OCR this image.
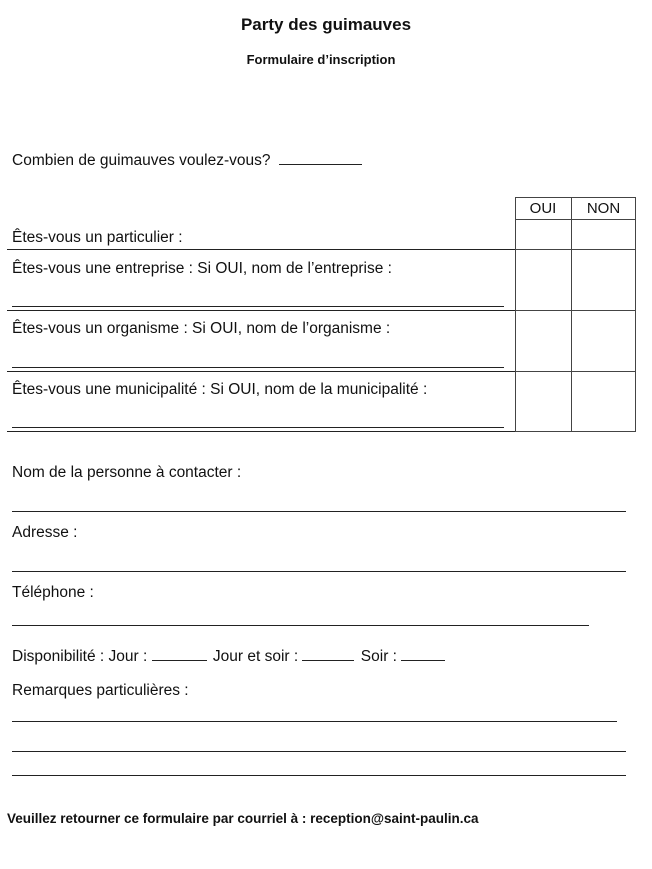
Party des guimauves
Formulaire d’inscription
Combien de guimauves voulez-vous?
OUI	NON
Êtes-vous un particulier :
Êtes-vous une entreprise : Si OUI, nom de l’entreprise :
Êtes-vous un organisme : Si OUI, nom de l’organisme :
Êtes-vous une municipalité : Si OUI, nom de la municipalité :
Nom de la personne à contacter :
Adresse :
Téléphone :
Disponibilité : Jour :	Jour et soir :	Soir :
Remarques particulières :
Veuillez retourner ce formulaire par courriel à : reception@saint-paulin.ca
